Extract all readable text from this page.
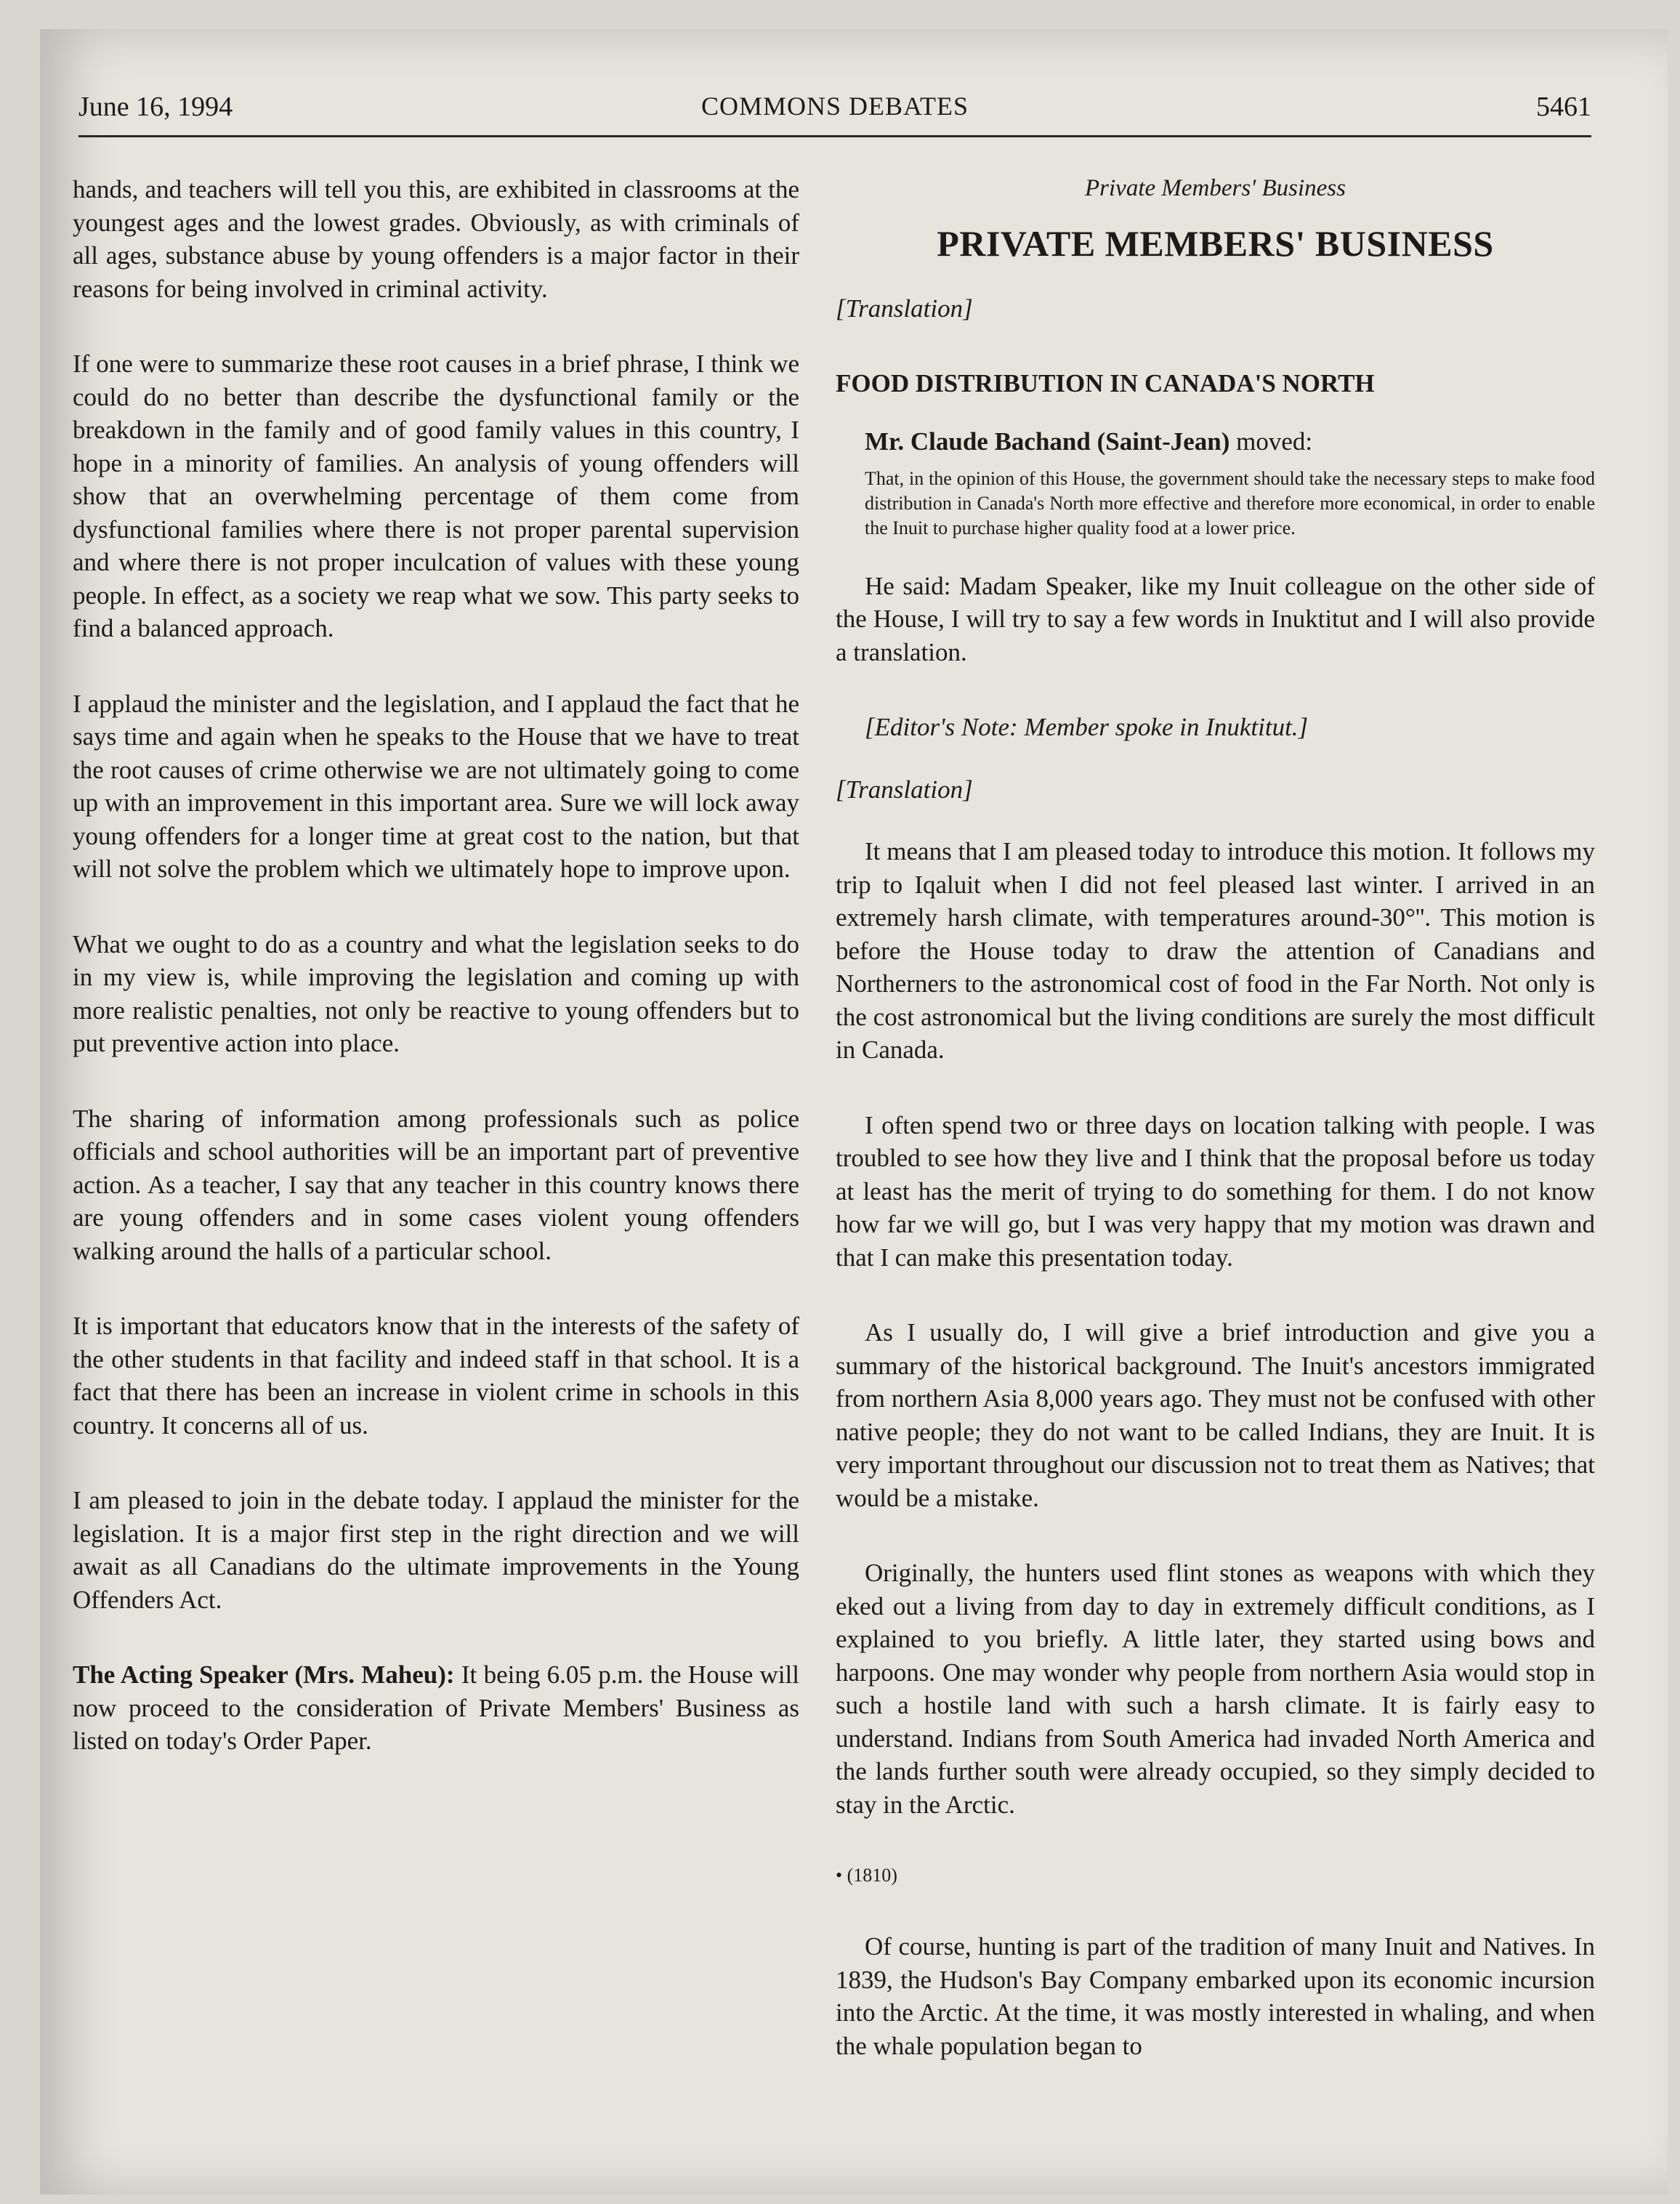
June 16, 1994	COMMONS DEBATES	5461

hands, and teachers will tell you this, are exhibited in classrooms at the youngest ages and the lowest grades. Obviously, as with criminals of all ages, substance abuse by young offenders is a major factor in their reasons for being involved in criminal activity.

If one were to summarize these root causes in a brief phrase, I think we could do no better than describe the dysfunctional family or the breakdown in the family and of good family values in this country, I hope in a minority of families. An analysis of young offenders will show that an overwhelming percentage of them come from dysfunctional families where there is not proper parental supervision and where there is not proper inculcation of values with these young people. In effect, as a society we reap what we sow. This party seeks to find a balanced approach.

I applaud the minister and the legislation, and I applaud the fact that he says time and again when he speaks to the House that we have to treat the root causes of crime otherwise we are not ultimately going to come up with an improvement in this important area. Sure we will lock away young offenders for a longer time at great cost to the nation, but that will not solve the problem which we ultimately hope to improve upon.

What we ought to do as a country and what the legislation seeks to do in my view is, while improving the legislation and coming up with more realistic penalties, not only be reactive to young offenders but to put preventive action into place.

The sharing of information among professionals such as police officials and school authorities will be an important part of preventive action. As a teacher, I say that any teacher in this country knows there are young offenders and in some cases violent young offenders walking around the halls of a particular school.

It is important that educators know that in the interests of the safety of the other students in that facility and indeed staff in that school. It is a fact that there has been an increase in violent crime in schools in this country. It concerns all of us.

I am pleased to join in the debate today. I applaud the minister for the legislation. It is a major first step in the right direction and we will await as all Canadians do the ultimate improvements in the Young Offenders Act.

The Acting Speaker (Mrs. Maheu): It being 6.05 p.m. the House will now proceed to the consideration of Private Members' Business as listed on today's Order Paper.

Private Members' Business
PRIVATE MEMBERS' BUSINESS

[Translation]

FOOD DISTRIBUTION IN CANADA'S NORTH

Mr. Claude Bachand (Saint-Jean) moved:

That, in the opinion of this House, the government should take the necessary steps to make food distribution in Canada's North more effective and therefore more economical, in order to enable the Inuit to purchase higher quality food at a lower price.

He said: Madam Speaker, like my Inuit colleague on the other side of the House, I will try to say a few words in Inuktitut and I will also provide a translation.

[Editor's Note: Member spoke in Inuktitut.]

[Translation]

It means that I am pleased today to introduce this motion. It follows my trip to Iqaluit when I did not feel pleased last winter. I arrived in an extremely harsh climate, with temperatures around-30°''. This motion is before the House today to draw the attention of Canadians and Northerners to the astronomical cost of food in the Far North. Not only is the cost astronomical but the living conditions are surely the most difficult in Canada.

I often spend two or three days on location talking with people. I was troubled to see how they live and I think that the proposal before us today at least has the merit of trying to do something for them. I do not know how far we will go, but I was very happy that my motion was drawn and that I can make this presentation today.

As I usually do, I will give a brief introduction and give you a summary of the historical background. The Inuit's ancestors immigrated from northern Asia 8,000 years ago. They must not be confused with other native people; they do not want to be called Indians, they are Inuit. It is very important throughout our discussion not to treat them as Natives; that would be a mistake.

Originally, the hunters used flint stones as weapons with which they eked out a living from day to day in extremely difficult conditions, as I explained to you briefly. A little later, they started using bows and harpoons. One may wonder why people from northern Asia would stop in such a hostile land with such a harsh climate. It is fairly easy to understand. Indians from South America had invaded North America and the lands further south were already occupied, so they simply decided to stay in the Arctic.

• (1810)

Of course, hunting is part of the tradition of many Inuit and Natives. In 1839, the Hudson's Bay Company embarked upon its economic incursion into the Arctic. At the time, it was mostly interested in whaling, and when the whale population began to
